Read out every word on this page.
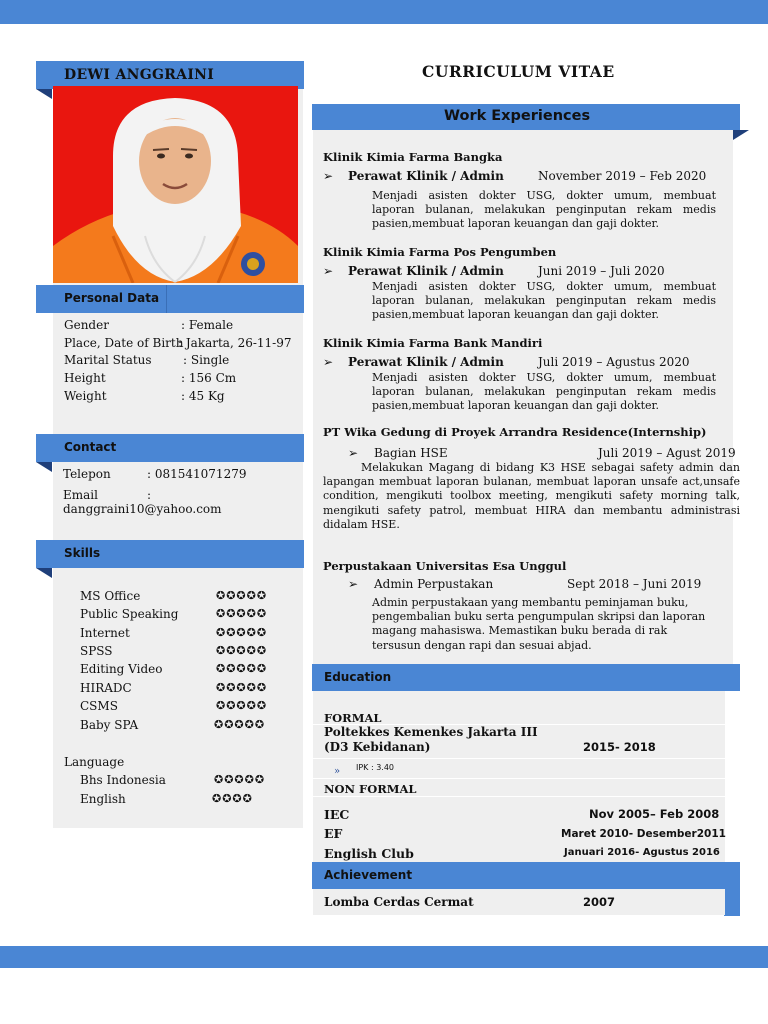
DEWI ANGGRAINI
Personal Data
Gender	: Female
Place, Date of Birth
: Jakarta, 26-11-97
Marital Status	: Single
Height	: 156 Cm
Weight	: 45 Kg
Contact
Telepon	: 081541071279
Email	:
danggraini10@yahoo.com
Skills
MS Office	✪✪✪✪✪
Public Speaking	✪✪✪✪✪
Internet	✪✪✪✪✪
SPSS	✪✪✪✪✪
Editing Video	✪✪✪✪✪
HIRADC	✪✪✪✪✪
CSMS	✪✪✪✪✪
Baby SPA	✪✪✪✪✪
Language
Bhs Indonesia	✪✪✪✪✪
English	✪✪✪✪
CURRICULUM VITAE
Work Experiences
Klinik Kimia Farma Bangka
➢ Perawat Klinik / Admin	November 2019 – Feb 2020
Menjadi asisten dokter USG, dokter umum, membuat laporan bulanan, melakukan penginputan rekam medis pasien,membuat laporan keuangan dan gaji dokter.
Klinik Kimia Farma Pos Pengumben
➢ Perawat Klinik / Admin	Juni 2019 – Juli 2020
Menjadi asisten dokter USG, dokter umum, membuat laporan bulanan, melakukan penginputan rekam medis pasien,membuat laporan keuangan dan gaji dokter.
Klinik Kimia Farma Bank Mandiri
➢ Perawat Klinik / Admin	Juli 2019 – Agustus 2020
Menjadi asisten dokter USG, dokter umum, membuat laporan bulanan, melakukan penginputan rekam medis pasien,membuat laporan keuangan dan gaji dokter.
PT Wika Gedung di Proyek Arrandra Residence(Internship)
➢ Bagian HSE	Juli 2019 – Agust 2019
Melakukan Magang di bidang K3 HSE sebagai safety admin dan lapangan membuat laporan bulanan, membuat laporan unsafe act,unsafe condition, mengikuti toolbox meeting, mengikuti safety morning talk, mengikuti safety patrol, membuat HIRA dan membantu administrasi didalam HSE.
Perpustakaan Universitas Esa Unggul
➢ Admin Perpustakan	Sept 2018 – Juni 2019
Admin perpustakaan yang membantu peminjaman buku, pengembalian buku serta pengumpulan skripsi dan laporan magang mahasiswa. Memastikan buku berada di rak tersusun dengan rapi dan sesuai abjad.
Education
FORMAL
Poltekkes Kemenkes Jakarta III
(D3 Kebidanan)	2015- 2018
» IPK : 3.40
NON FORMAL
IEC	Nov 2005– Feb 2008
EF	Maret 2010- Desember2011
English Club	Januari 2016- Agustus 2016
Achievement
Lomba Cerdas Cermat	2007
